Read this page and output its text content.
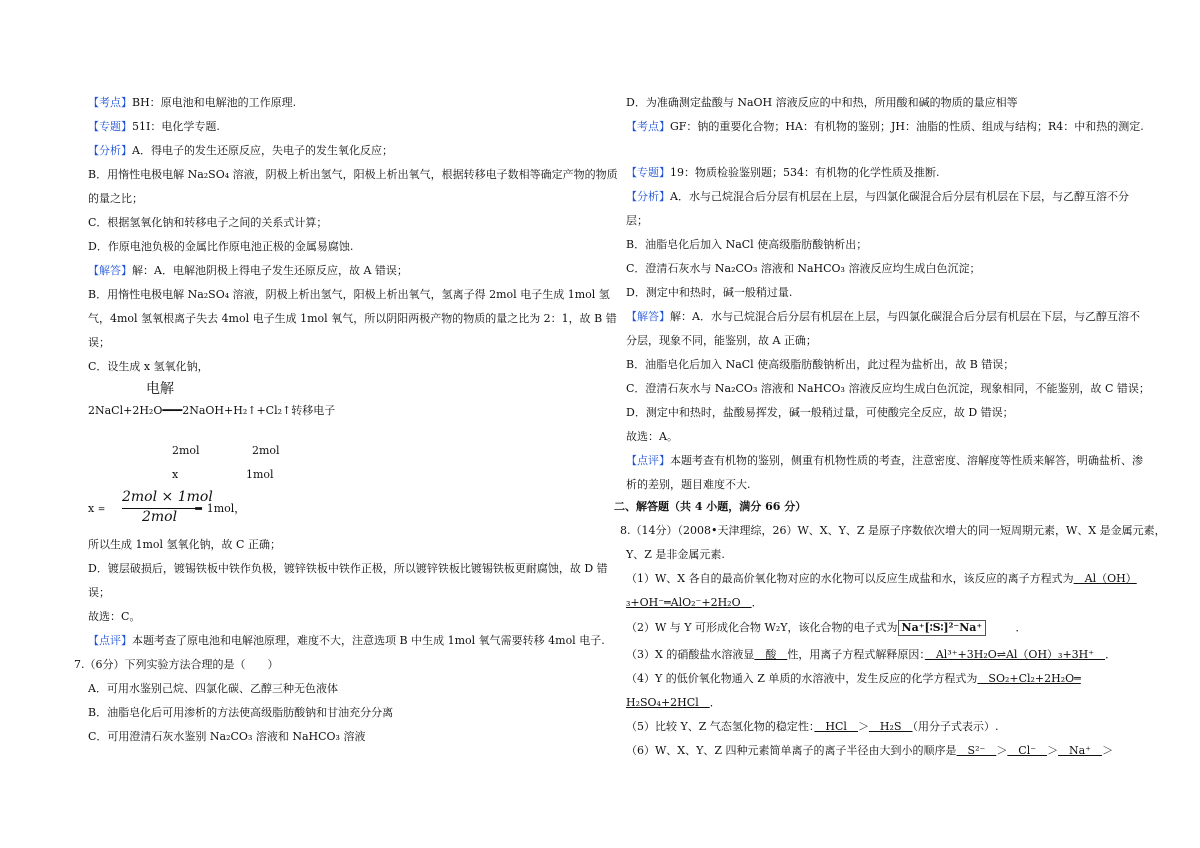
【考点】BH：原电池和电解池的工作原理.
【专题】51I：电化学专题.
【分析】A．得电子的发生还原反应，失电子的发生氧化反应；
B．用惰性电极电解 Na₂SO₄ 溶液，阴极上析出氢气，阳极上析出氧气，根据转移电子数相等确定产物的物质
的量之比；
C．根据氢氧化钠和转移电子之间的关系式计算；
D．作原电池负极的金属比作原电池正极的金属易腐蚀.
【解答】解：A．电解池阴极上得电子发生还原反应，故 A 错误；
B．用惰性电极电解 Na₂SO₄ 溶液，阴极上析出氢气，阳极上析出氧气，氢离子得 2mol 电子生成 1mol 氢
气，4mol 氢氧根离子失去 4mol 电子生成 1mol 氧气，所以阴阳两极产物的物质的量之比为 2：1，故 B 错
误；
C．设生成 x 氢氧化钠，
电解
2NaCl+2H₂O━━━2NaOH+H₂↑+Cl₂↑转移电子
2mol	2mol
x	1mol
x =
2mol × 1mol
2mol
= 1mol，
所以生成 1mol 氢氧化钠，故 C 正确；
D．镀层破损后，镀锡铁板中铁作负极，镀锌铁板中铁作正极，所以镀锌铁板比镀锡铁板更耐腐蚀，故 D 错
误；
故选：C。
【点评】本题考查了原电池和电解池原理，难度不大，注意选项 B 中生成 1mol 氧气需要转移 4mol 电子.
7.（6分）下列实验方法合理的是（　　）
A．可用水鉴别己烷、四氯化碳、乙醇三种无色液体
B．油脂皂化后可用渗析的方法使高级脂肪酸钠和甘油充分分离
C．可用澄清石灰水鉴别 Na₂CO₃ 溶液和 NaHCO₃ 溶液
D．为准确测定盐酸与 NaOH 溶液反应的中和热，所用酸和碱的物质的量应相等
【考点】GF：钠的重要化合物；HA：有机物的鉴别；JH：油脂的性质、组成与结构；R4：中和热的测定.
【专题】19：物质检验鉴别题；534：有机物的化学性质及推断.
【分析】A．水与己烷混合后分层有机层在上层，与四氯化碳混合后分层有机层在下层，与乙醇互溶不分
层；
B．油脂皂化后加入 NaCl 使高级脂肪酸钠析出；
C．澄清石灰水与 Na₂CO₃ 溶液和 NaHCO₃ 溶液反应均生成白色沉淀；
D．测定中和热时，碱一般稍过量.
【解答】解：A．水与己烷混合后分层有机层在上层，与四氯化碳混合后分层有机层在下层，与乙醇互溶不
分层，现象不同，能鉴别，故 A 正确；
B．油脂皂化后加入 NaCl 使高级脂肪酸钠析出，此过程为盐析出，故 B 错误；
C．澄清石灰水与 Na₂CO₃ 溶液和 NaHCO₃ 溶液反应均生成白色沉淀，现象相同，不能鉴别，故 C 错误；
D．测定中和热时，盐酸易挥发，碱一般稍过量，可使酸完全反应，故 D 错误；
故选：A。
【点评】本题考查有机物的鉴别，侧重有机物性质的考查，注意密度、溶解度等性质来解答，明确盐析、渗
析的差别，题目难度不大.
二、解答题（共 4 小题，满分 66 分）
8.（14分）（2008•天津理综，26）W、X、Y、Z 是原子序数依次增大的同一短周期元素，W、X 是金属元素，
Y、Z 是非金属元素.
（1）W、X 各自的最高价氧化物对应的水化物可以反应生成盐和水，该反应的离子方程式为　Al（OH）
₃+OH⁻═AlO₂⁻+2H₂O　．
（2）W 与 Y 可形成化合物 W₂Y，该化合物的电子式为 Na⁺[∶S∶]²⁻Na⁺	．
（3）X 的硝酸盐水溶液显　酸　性，用离子方程式解释原因：　Al³⁺+3H₂O⇌Al（OH）₃+3H⁺　．
（4）Y 的低价氧化物通入 Z 单质的水溶液中，发生反应的化学方程式为　SO₂+Cl₂+2H₂O═
H₂SO₄+2HCl　．
（5）比较 Y、Z 气态氢化物的稳定性：　HCl　＞　H₂S　（用分子式表示）.
（6）W、X、Y、Z 四种元素简单离子的离子半径由大到小的顺序是　S²⁻　＞　Cl⁻　＞　Na⁺　＞
